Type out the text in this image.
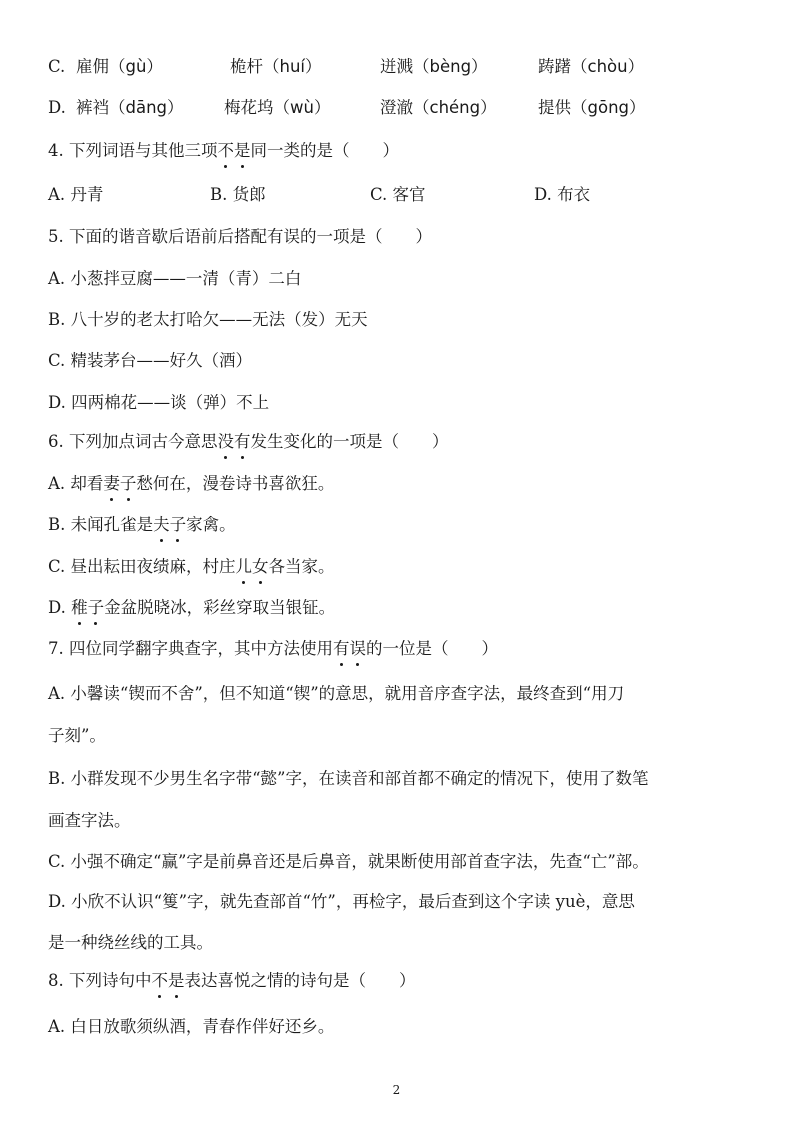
C. 雇佣（gù）	桅杆（huí）	迸溅（bèng）	踌躇（chòu）
D. 裤裆（dāng） 梅花坞（wù）	澄澈（chéng）	提供（gōng）
4. 下列词语与其他三项不是同一类的是（　　）
A. 丹青	B. 货郎	C. 客官	D. 布衣
5. 下面的谐音歇后语前后搭配有误的一项是（　　）
A. 小葱拌豆腐——一清（青）二白
B. 八十岁的老太打哈欠——无法（发）无天
C. 精装茅台——好久（酒）
D. 四两棉花——谈（弹）不上
6. 下列加点词古今意思没有发生变化的一项是（　　）
A. 却看妻子愁何在，漫卷诗书喜欲狂。
B. 未闻孔雀是夫子家禽。
C. 昼出耘田夜绩麻，村庄儿女各当家。
D. 稚子金盆脱晓冰，彩丝穿取当银钲。
7. 四位同学翻字典查字，其中方法使用有误的一位是（　　）
A. 小馨读“锲而不舍”，但不知道“锲”的意思，就用音序查字法，最终查到“用刀
子刻”。
B. 小群发现不少男生名字带“懿”字，在读音和部首都不确定的情况下，使用了数笔
画查字法。
C. 小强不确定“赢”字是前鼻音还是后鼻音，就果断使用部首查字法，先查“亡”部。
D. 小欣不认识“篗”字，就先查部首“竹”，再检字，最后查到这个字读 yuè，意思
是一种绕丝线的工具。
8. 下列诗句中不是表达喜悦之情的诗句是（　　）
A. 白日放歌须纵酒，青春作伴好还乡。
2
